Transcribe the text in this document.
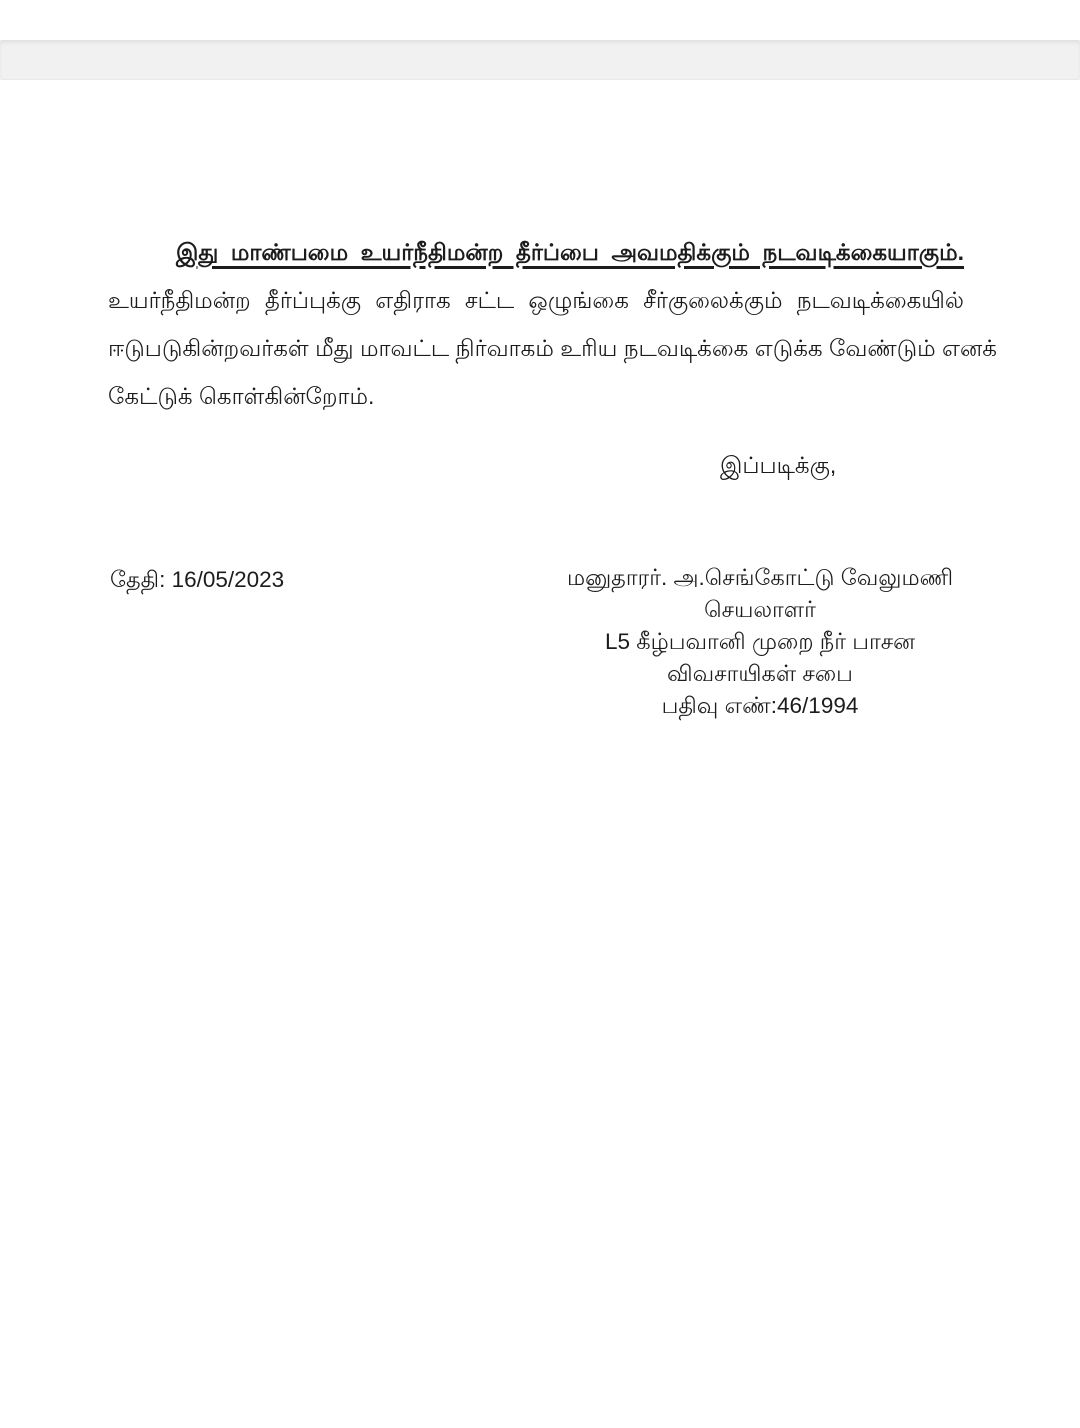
இது மாண்பமை உயர்நீதிமன்ற தீர்ப்பை அவமதிக்கும் நடவடிக்கையாகும்.
உயர்நீதிமன்ற தீர்ப்புக்கு எதிராக சட்ட ஒழுங்கை சீர்குலைக்கும் நடவடிக்கையில்
ஈடுபடுகின்றவர்கள் மீது மாவட்ட நிர்வாகம் உரிய நடவடிக்கை எடுக்க வேண்டும் எனக்
கேட்டுக் கொள்கின்றோம்.
இப்படிக்கு,
தேதி: 16/05/2023	மனுதாரர். அ.செங்கோட்டு வேலுமணி
செயலாளர்
L5 கீழ்பவானி முறை நீர் பாசன
விவசாயிகள் சபை
பதிவு எண்:46/1994
